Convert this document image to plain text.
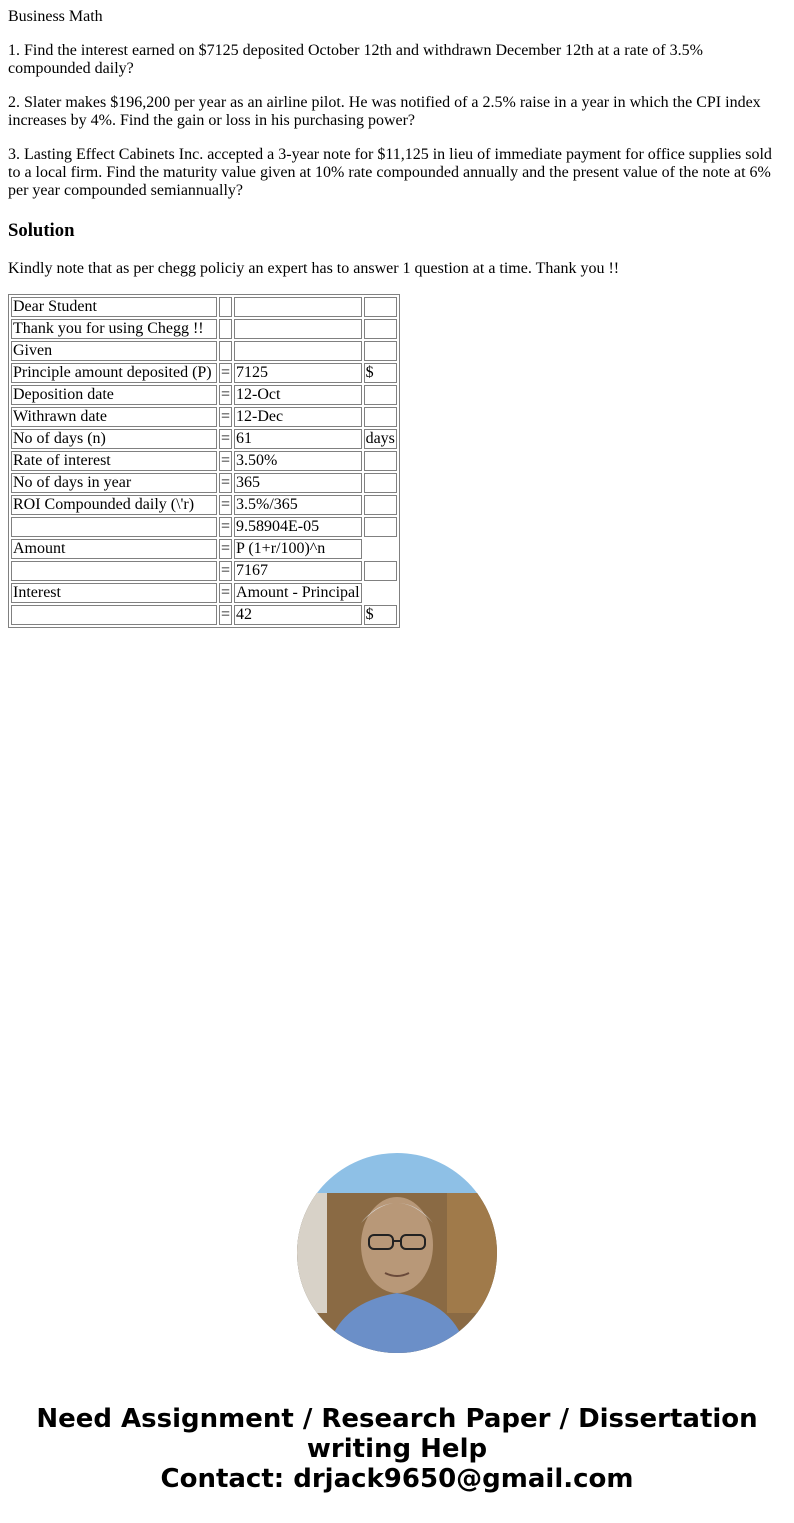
Business Math

1. Find the interest earned on $7125 deposited October 12th and withdrawn December 12th at a rate of 3.5% compounded daily?

2. Slater makes $196,200 per year as an airline pilot. He was notified of a 2.5% raise in a year in which the CPI index increases by 4%. Find the gain or loss in his purchasing power?

3. Lasting Effect Cabinets Inc. accepted a 3-year note for $11,125 in lieu of immediate payment for office supplies sold to a local firm. Find the maturity value given at 10% rate compounded annually and the present value of the note at 6% per year compounded semiannually?

Solution

Kindly note that as per chegg policiy an expert has to answer 1 question at a time. Thank you !!

Dear Student			
Thank you for using Chegg !!			
Given			
Principle amount deposited (P)	=	7125	$
Deposition date	=	12-Oct	
Withrawn date	=	12-Dec	
No of days (n)	=	61	days
Rate of interest	=	3.50%	
No of days in year	=	365	
ROI Compounded daily (\'r)	=	3.5%/365	
	=	9.58904E-05	
Amount	=	P (1+r/100)^n	
	=	7167	
Interest	=	Amount - Principal	
	=	42	$
Need Assignment / Research Paper / Dissertation
writing Help
Contact: drjack9650@gmail.com
